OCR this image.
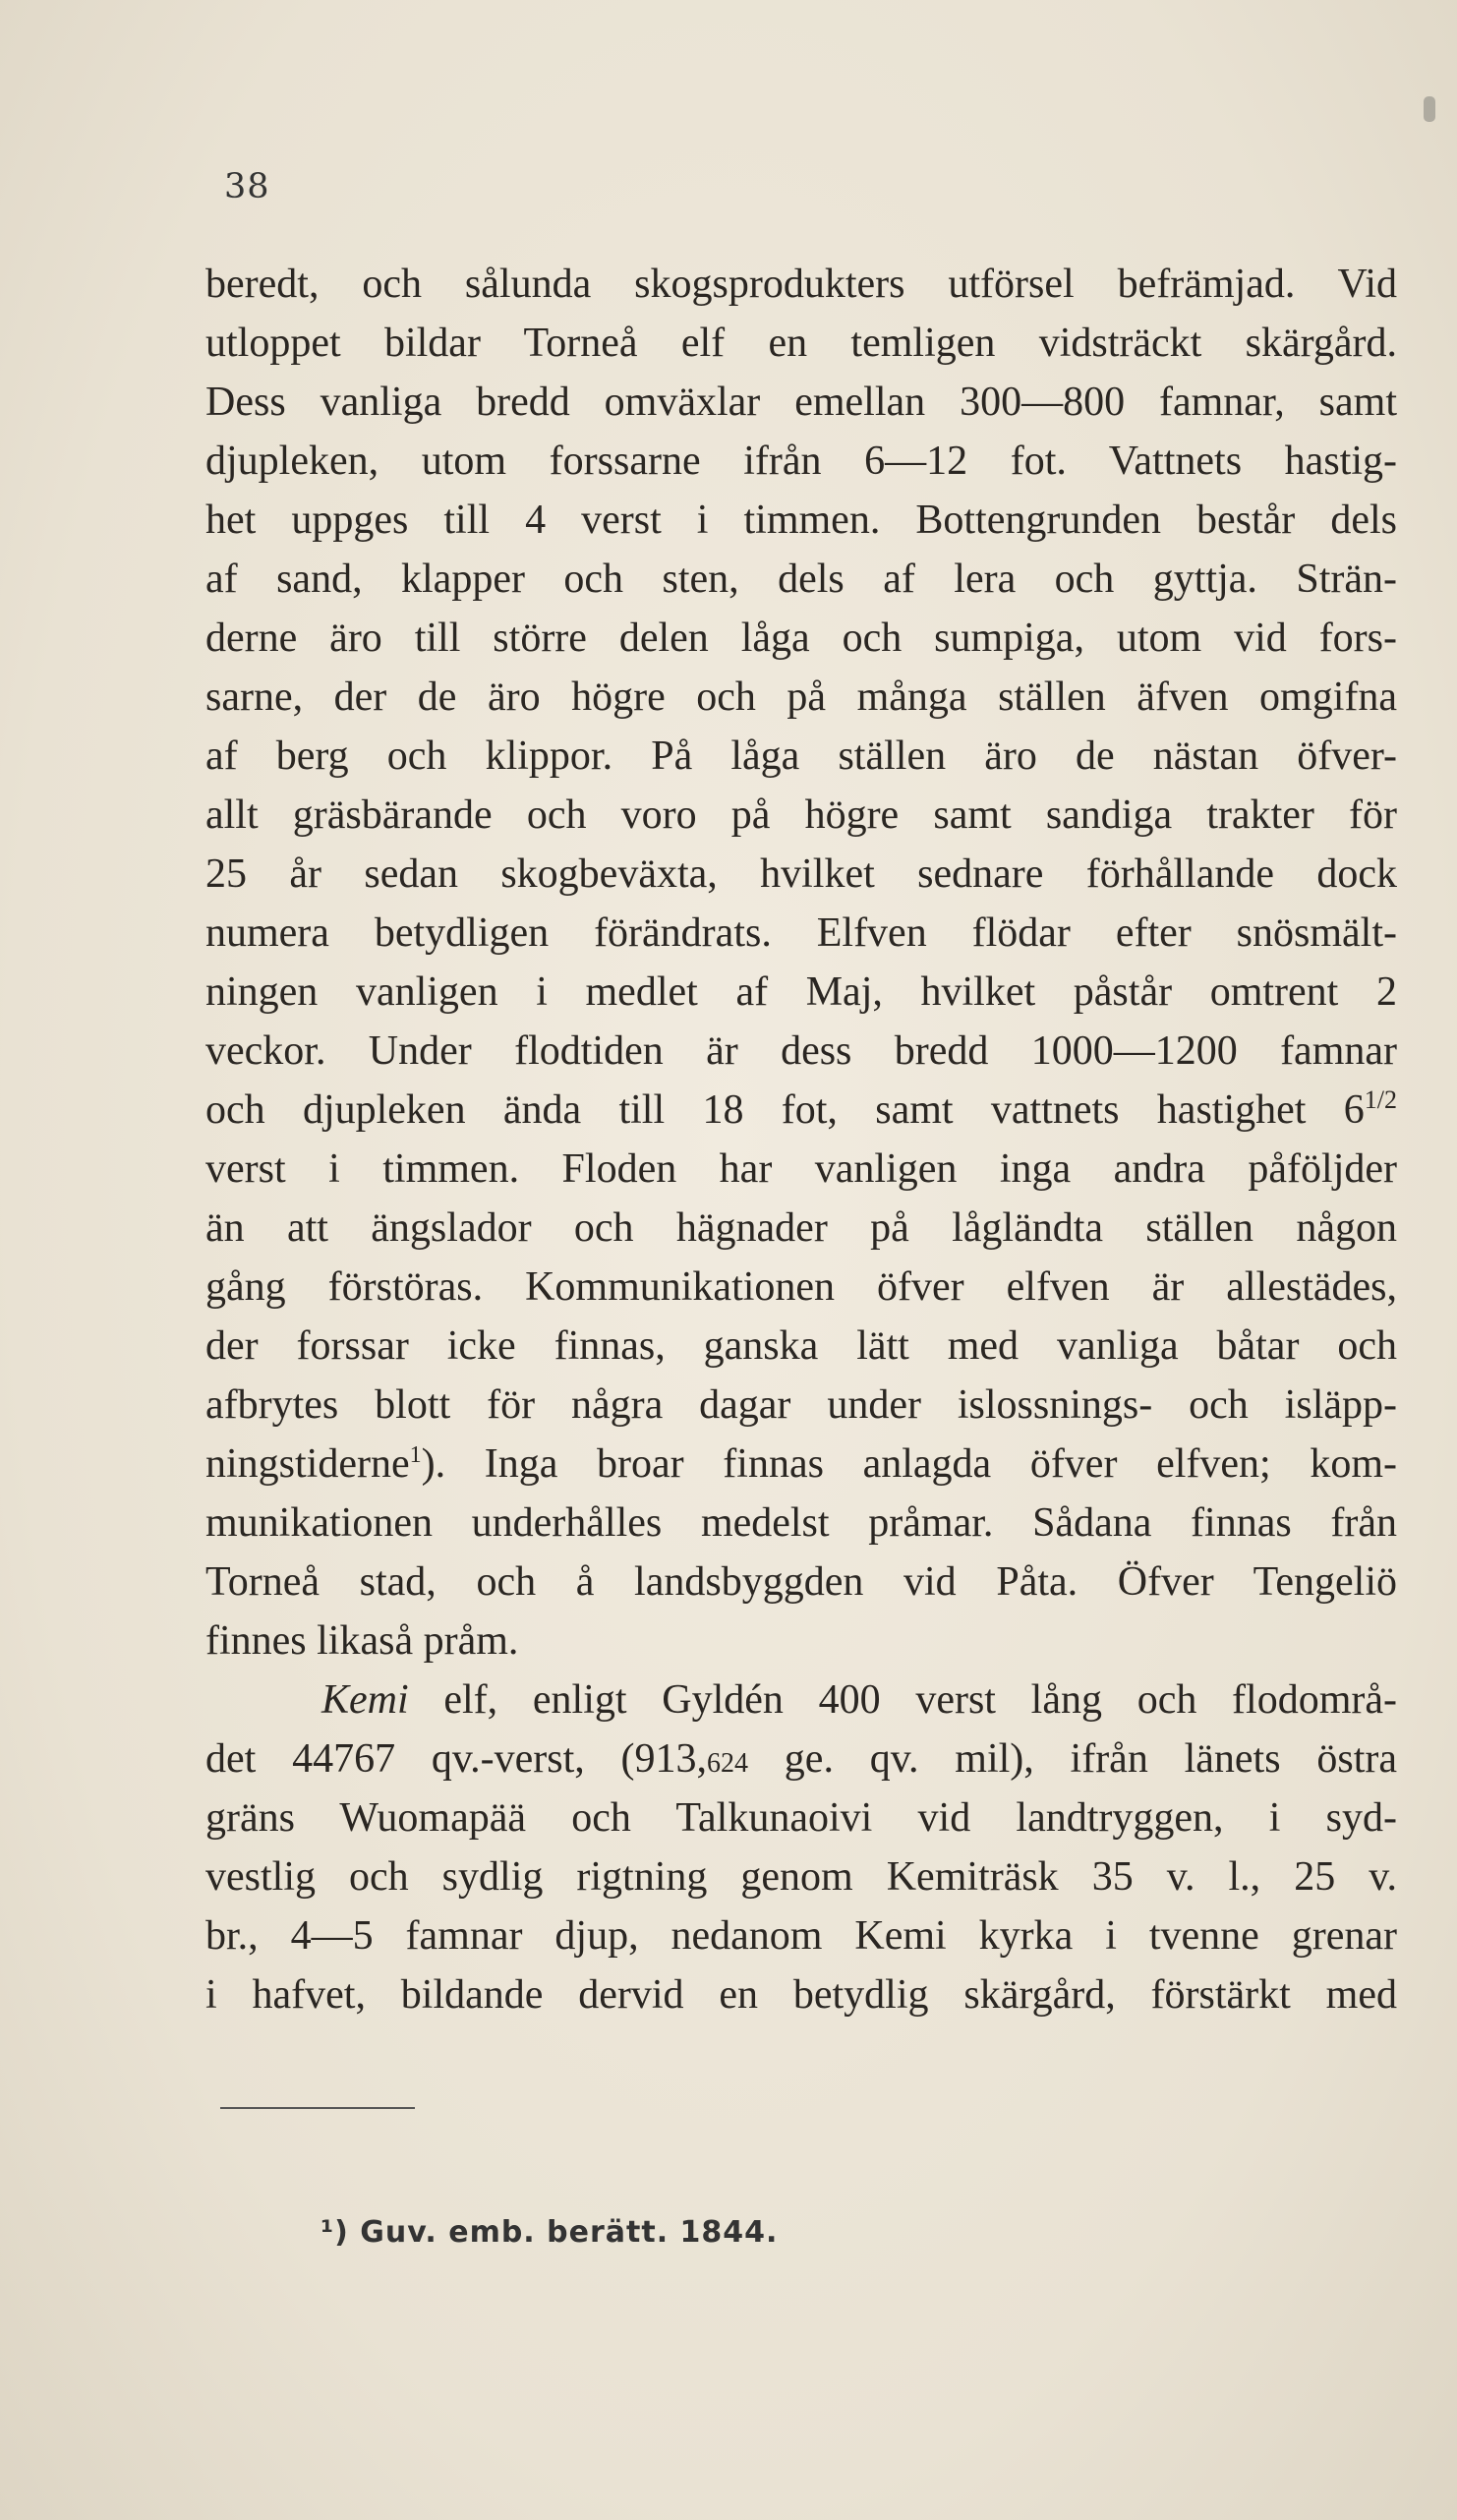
38
beredt, och sålunda skogsprodukters utförsel befrämjad. Vid
utloppet bildar Torneå elf en temligen vidsträckt skärgård.
Dess vanliga bredd omväxlar emellan 300—800 famnar, samt
djupleken, utom forssarne ifrån 6—12 fot. Vattnets hastig-
het uppges till 4 verst i timmen. Bottengrunden består dels
af sand, klapper och sten, dels af lera och gyttja. Strän-
derne äro till större delen låga och sumpiga, utom vid fors-
sarne, der de äro högre och på många ställen äfven omgifna
af berg och klippor. På låga ställen äro de nästan öfver-
allt gräsbärande och voro på högre samt sandiga trakter för
25 år sedan skogbeväxta, hvilket sednare förhållande dock
numera betydligen förändrats. Elfven flödar efter snösmält-
ningen vanligen i medlet af Maj, hvilket påstår omtrent 2
veckor. Under flodtiden är dess bredd 1000—1200 famnar
och djupleken ända till 18 fot, samt vattnets hastighet $6^{1/2}$
verst i timmen. Floden har vanligen inga andra påföljder
än att ängslador och hägnader på lågländta ställen någon
gång förstöras. Kommunikationen öfver elfven är allestädes,
der forssar icke finnas, ganska lätt med vanliga båtar och
afbrytes blott för några dagar under islossnings- och isläpp-
ningstiderne$^1$). Inga broar finnas anlagda öfver elfven; kom-
munikationen underhålles medelst pråmar. Sådana finnas från
Torneå stad, och å landsbyggden vid Påta. Öfver Tengeliö
finnes likaså pråm.
Kemi elf, enligt Gyldén 400 verst lång och flodområ-
det 44767 qv.-verst, (913,624 ge. qv. mil), ifrån länets östra
gräns Wuomapää och Talkunaoivi vid landtryggen, i syd-
vestlig och sydlig rigtning genom Kemiträsk 35 v. l., 25 v.
br., 4—5 famnar djup, nedanom Kemi kyrka i tvenne grenar
i hafvet, bildande dervid en betydlig skärgård, förstärkt med
¹) Guv. emb. berätt. 1844.
